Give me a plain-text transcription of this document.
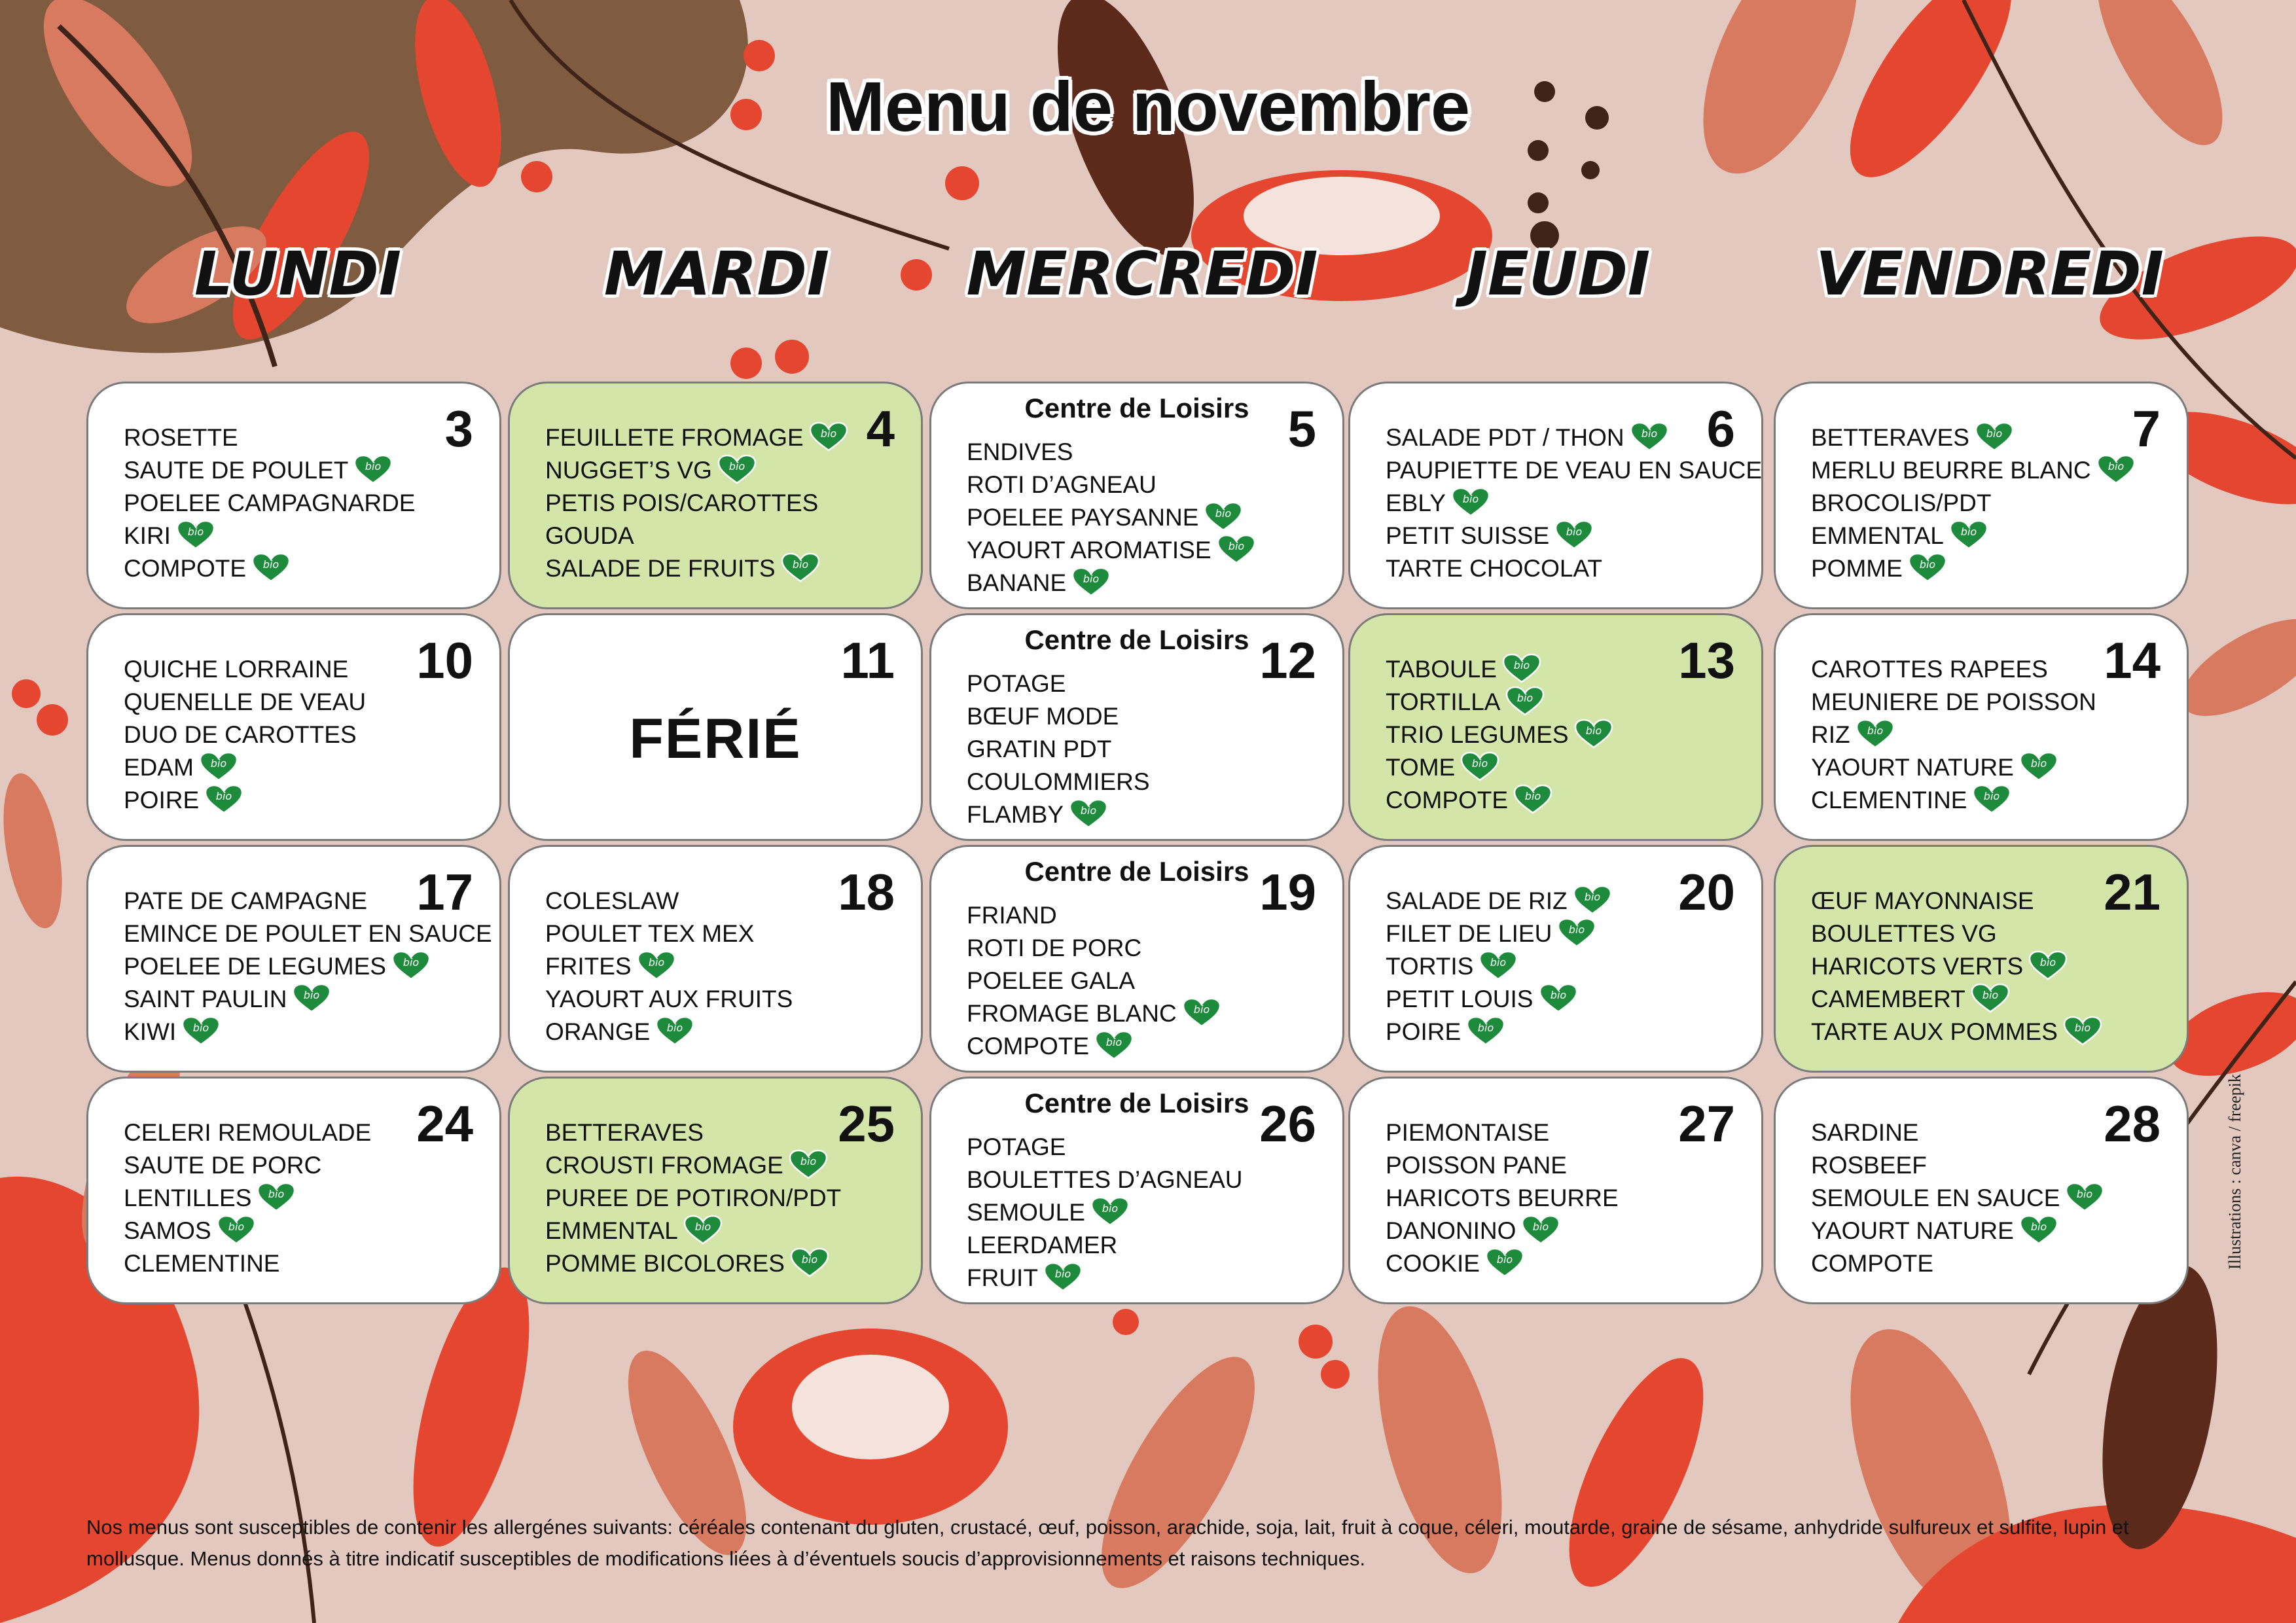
Menu de novembre
LUNDI	MARDI	MERCREDI	JEUDI	VENDREDI
3
ROSETTE
SAUTE DE POULET bio
POELEE CAMPAGNARDE
KIRI bio
COMPOTE bio
4
FEUILLETE FROMAGE bio
NUGGET’S VG bio
PETIS POIS/CAROTTES
GOUDA
SALADE DE FRUITS bio
5
Centre de Loisirs
ENDIVES
ROTI D’AGNEAU
POELEE PAYSANNE bio
YAOURT AROMATISE bio
BANANE bio
6
SALADE PDT / THON bio
PAUPIETTE DE VEAU EN SAUCE
EBLY bio
PETIT SUISSE bio
TARTE CHOCOLAT
7
BETTERAVES bio
MERLU BEURRE BLANC bio
BROCOLIS/PDT
EMMENTAL bio
POMME bio
10
QUICHE LORRAINE
QUENELLE DE VEAU
DUO DE CAROTTES
EDAM bio
POIRE bio
11
FÉRIÉ
12
Centre de Loisirs
POTAGE
BŒUF MODE
GRATIN PDT
COULOMMIERS
FLAMBY bio
13
TABOULE bio
TORTILLA bio
TRIO LEGUMES bio
TOME bio
COMPOTE bio
14
CAROTTES RAPEES
MEUNIERE DE POISSON
RIZ bio
YAOURT NATURE bio
CLEMENTINE bio
17
PATE DE CAMPAGNE
EMINCE DE POULET EN SAUCE
POELEE DE LEGUMES bio
SAINT PAULIN bio
KIWI bio
18
COLESLAW
POULET TEX MEX
FRITES bio
YAOURT AUX FRUITS
ORANGE bio
19
Centre de Loisirs
FRIAND
ROTI DE PORC
POELEE GALA
FROMAGE BLANC bio
COMPOTE bio
20
SALADE DE RIZ bio
FILET DE LIEU bio
TORTIS bio
PETIT LOUIS bio
POIRE bio
21
ŒUF MAYONNAISE
BOULETTES VG
HARICOTS VERTS bio
CAMEMBERT bio
TARTE AUX POMMES bio
24
CELERI REMOULADE
SAUTE DE PORC
LENTILLES bio
SAMOS bio
CLEMENTINE
25
BETTERAVES
CROUSTI FROMAGE bio
PUREE DE POTIRON/PDT
EMMENTAL bio
POMME BICOLORES bio
26
Centre de Loisirs
POTAGE
BOULETTES D’AGNEAU
SEMOULE bio
LEERDAMER
FRUIT bio
27
PIEMONTAISE
POISSON PANE
HARICOTS BEURRE
DANONINO bio
COOKIE bio
28
SARDINE
ROSBEEF
SEMOULE EN SAUCE bio
YAOURT NATURE bio
COMPOTE
Nos menus sont susceptibles de contenir les allergénes suivants: céréales contenant du gluten, crustacé, œuf, poisson, arachide, soja, lait, fruit à coque, céleri, moutarde, graine de sésame, anhydride sulfureux et sulfite, lupin et mollusque. Menus donnés à titre indicatif susceptibles de modifications liées à d’éventuels soucis d’approvisionnements et raisons techniques.
Illustrations : canva / freepik
